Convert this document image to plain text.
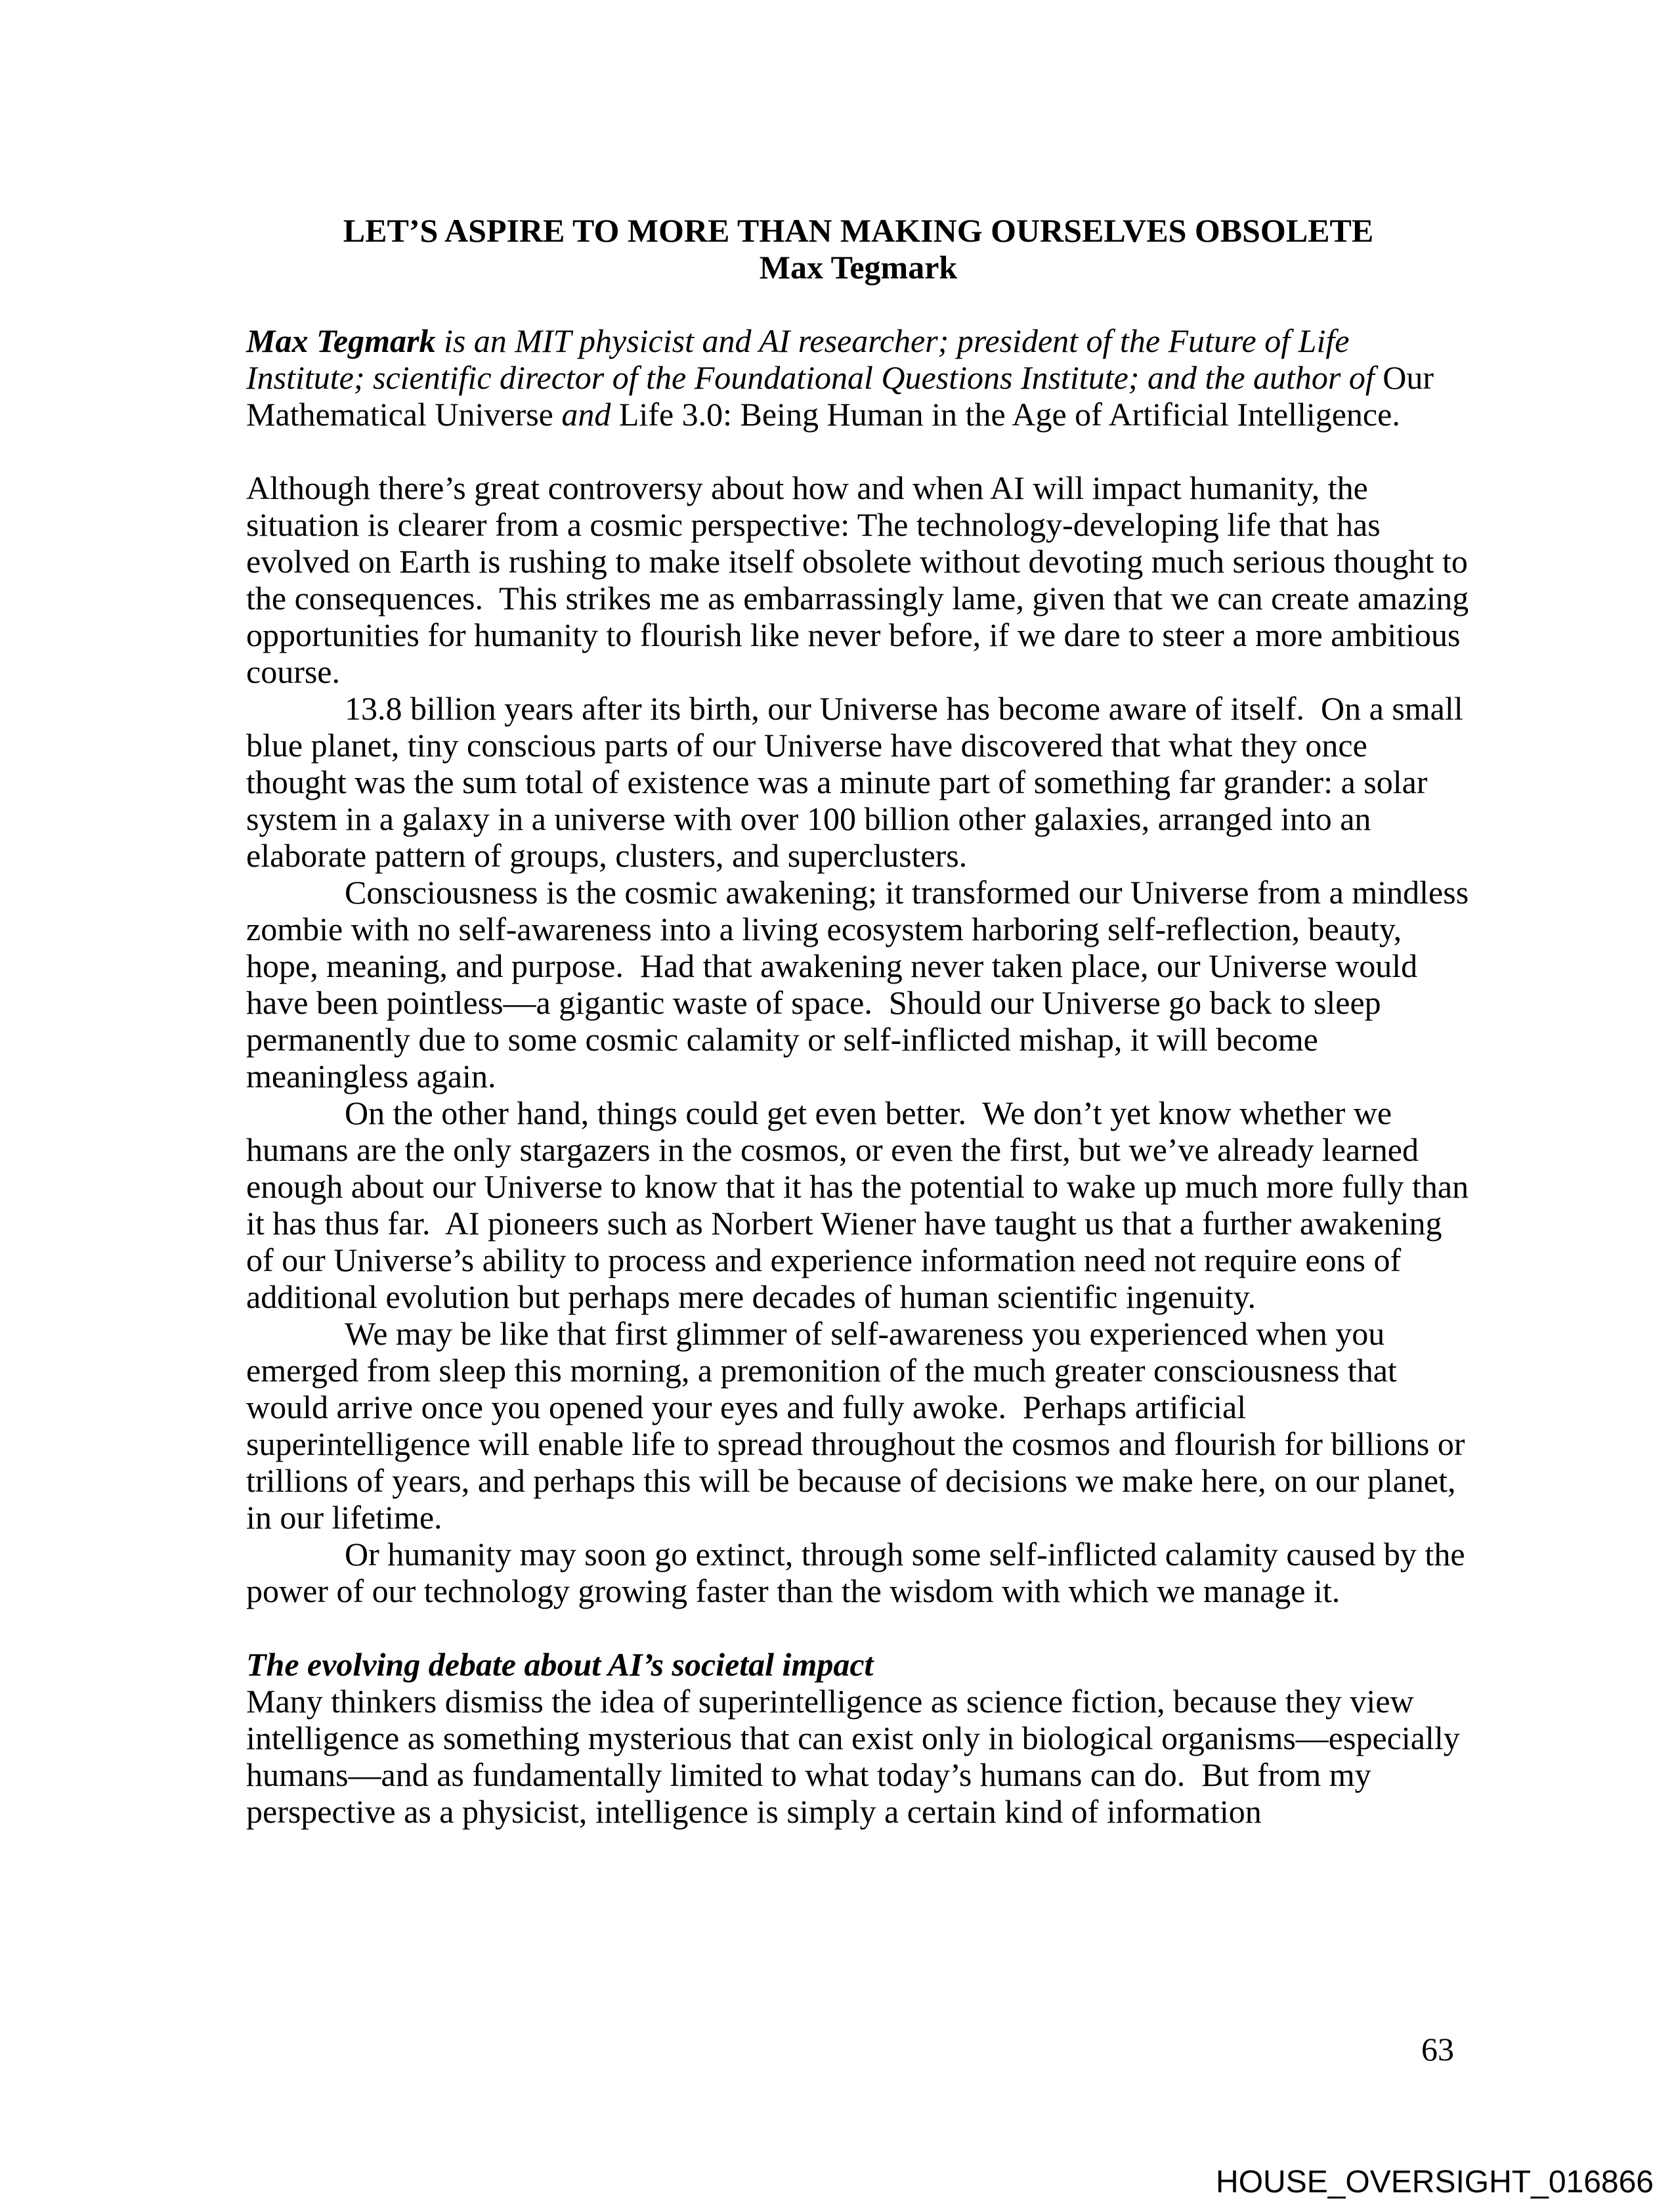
LET’S ASPIRE TO MORE THAN MAKING OURSELVES OBSOLETE
Max Tegmark
Max Tegmark is an MIT physicist and AI researcher; president of the Future of Life Institute; scientific director of the Foundational Questions Institute; and the author of Our Mathematical Universe and Life 3.0: Being Human in the Age of Artificial Intelligence.
Although there’s great controversy about how and when AI will impact humanity, the situation is clearer from a cosmic perspective: The technology-developing life that has evolved on Earth is rushing to make itself obsolete without devoting much serious thought to the consequences.  This strikes me as embarrassingly lame, given that we can create amazing opportunities for humanity to flourish like never before, if we dare to steer a more ambitious course.
13.8 billion years after its birth, our Universe has become aware of itself.  On a small blue planet, tiny conscious parts of our Universe have discovered that what they once thought was the sum total of existence was a minute part of something far grander: a solar system in a galaxy in a universe with over 100 billion other galaxies, arranged into an elaborate pattern of groups, clusters, and superclusters.
Consciousness is the cosmic awakening; it transformed our Universe from a mindless zombie with no self-awareness into a living ecosystem harboring self-reflection, beauty, hope, meaning, and purpose.  Had that awakening never taken place, our Universe would have been pointless—a gigantic waste of space.  Should our Universe go back to sleep permanently due to some cosmic calamity or self-inflicted mishap, it will become meaningless again.
On the other hand, things could get even better.  We don’t yet know whether we humans are the only stargazers in the cosmos, or even the first, but we’ve already learned enough about our Universe to know that it has the potential to wake up much more fully than it has thus far.  AI pioneers such as Norbert Wiener have taught us that a further awakening of our Universe’s ability to process and experience information need not require eons of additional evolution but perhaps mere decades of human scientific ingenuity.
We may be like that first glimmer of self-awareness you experienced when you emerged from sleep this morning, a premonition of the much greater consciousness that would arrive once you opened your eyes and fully awoke.  Perhaps artificial superintelligence will enable life to spread throughout the cosmos and flourish for billions or trillions of years, and perhaps this will be because of decisions we make here, on our planet, in our lifetime.
Or humanity may soon go extinct, through some self-inflicted calamity caused by the power of our technology growing faster than the wisdom with which we manage it.
The evolving debate about AI’s societal impact
Many thinkers dismiss the idea of superintelligence as science fiction, because they view intelligence as something mysterious that can exist only in biological organisms—especially humans—and as fundamentally limited to what today’s humans can do.  But from my perspective as a physicist, intelligence is simply a certain kind of information
63
HOUSE_OVERSIGHT_016866
